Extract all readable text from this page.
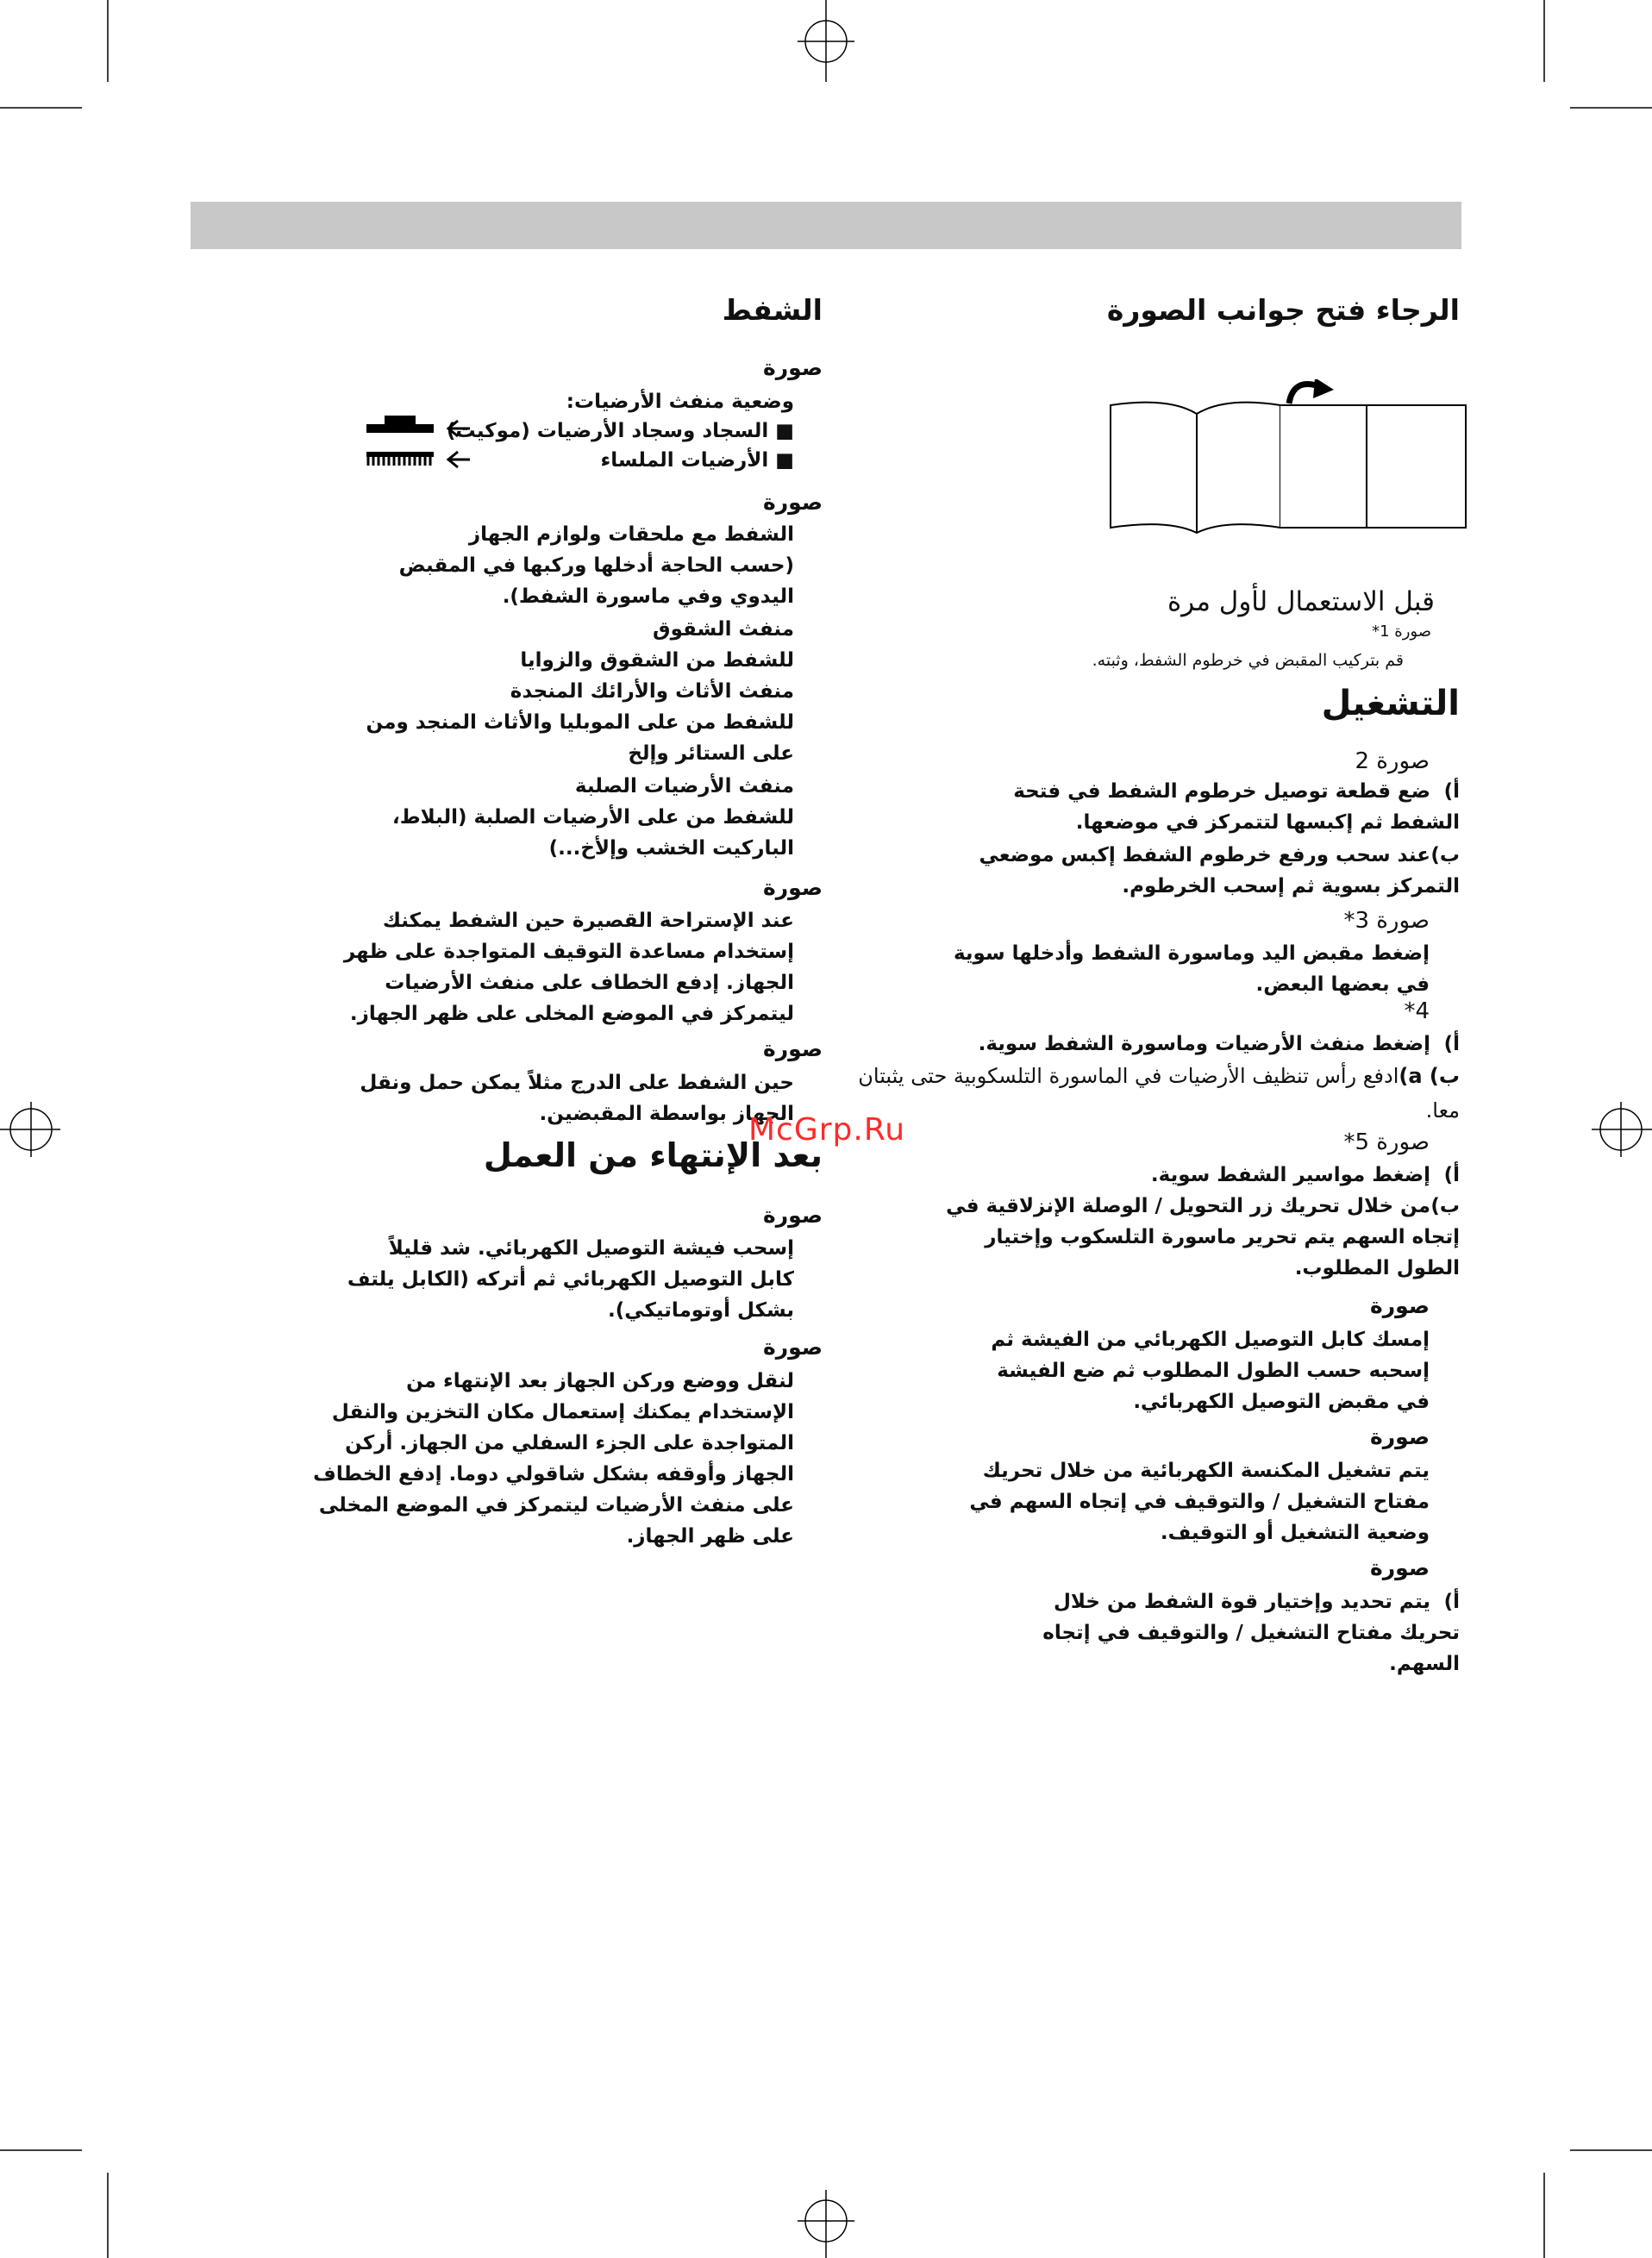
الرجاء فتح جوانب الصورة
قبل الاستعمال لأول مرة
صورة 1*
قم بتركيب المقبض في خرطوم الشفط، وثبته.
التشغيل
صورة 2
أ)ضع قطعة توصيل خرطوم الشفط في فتحة الشفط ثم إكبسها لتتمركز في موضعها.
ب)عند سحب ورفع خرطوم الشفط إكبس موضعي التمركز بسوية ثم إسحب الخرطوم.
صورة 3*
إضغط مقبض اليد وماسورة الشفط وأدخلها سوية في بعضها البعض.
4*
أ)إضغط منفث الأرضيات وماسورة الشفط سوية.
ب) a)ادفع رأس تنظيف الأرضيات في الماسورة التلسكوبية حتى يثبتان معا.
صورة 5*
أ)إضغط مواسير الشفط سوية.
ب)من خلال تحريك زر التحويل / الوصلة الإنزلاقية في إتجاه السهم يتم تحرير ماسورة التلسكوب وإختيار الطول المطلوب.
صورة
إمسك كابل التوصيل الكهربائي من الفيشة ثم إسحبه حسب الطول المطلوب ثم ضع الفيشة في مقبض التوصيل الكهربائي.
صورة
يتم تشغيل المكنسة الكهربائية من خلال تحريك مفتاح التشغيل / والتوقيف في إتجاه السهم في وضعية التشغيل أو التوقيف.
صورة
أ)يتم تحديد وإختيار قوة الشفط من خلال تحريك مفتاح التشغيل / والتوقيف في إتجاه السهم.
الشفط
صورة
وضعية منفث الأرضيات:
■ السجاد وسجاد الأرضيات (موكيت)
■ الأرضيات الملساء
صورة
الشفط مع ملحقات ولوازم الجهاز
(حسب الحاجة أدخلها وركبها في المقبض اليدوي وفي ماسورة الشفط).
منفث الشقوق
للشفط من الشقوق والزوايا
منفث الأثاث والأرائك المنجدة
للشفط من على الموبليا والأثاث المنجد ومن على الستائر وإلخ
منفث الأرضيات الصلبة
للشفط من على الأرضيات الصلبة (البلاط، الباركيت الخشب وإلأخ...)
صورة
عند الإستراحة القصيرة حين الشفط يمكنك إستخدام مساعدة التوقيف المتواجدة على ظهر الجهاز. إدفع الخطاف على منفث الأرضيات ليتمركز في الموضع المخلى على ظهر الجهاز.
صورة
حين الشفط على الدرج مثلاً يمكن حمل ونقل الجهاز بواسطة المقبضين.
بعد الإنتهاء من العمل
صورة
إسحب فيشة التوصيل الكهربائي. شد قليلاً كابل التوصيل الكهربائي ثم أتركه (الكابل يلتف بشكل أوتوماتيكي).
صورة
لنقل ووضع وركن الجهاز بعد الإنتهاء من الإستخدام يمكنك إستعمال مكان التخزين والنقل المتواجدة على الجزء السفلي من الجهاز. أركن الجهاز وأوقفه بشكل شاقولي دوما. إدفع الخطاف على منفث الأرضيات ليتمركز في الموضع المخلى على ظهر الجهاز.
McGrp.Ru
